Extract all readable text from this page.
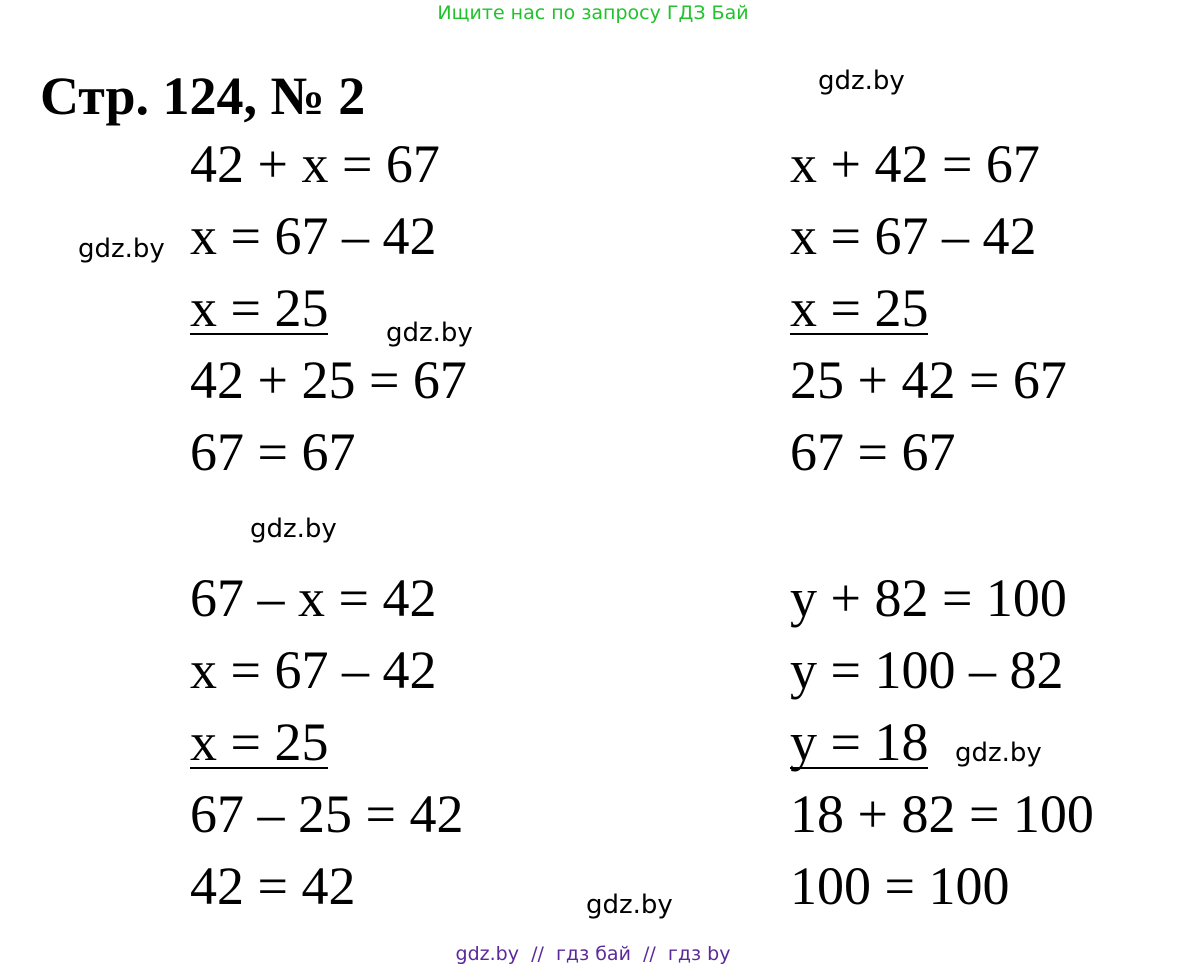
Ищите нас по запросу ГДЗ Бай
Стр. 124, № 2	gdz.by
gdz.by
gdz.by
gdz.by
gdz.by
gdz.by
42 + x = 67
x = 67 – 42
x = 25
42 + 25 = 67
67 = 67
x + 42 = 67
x = 67 – 42
x = 25
25 + 42 = 67
67 = 67
67 – x = 42
x = 67 – 42
x = 25
67 – 25 = 42
42 = 42
y + 82 = 100
y = 100 – 82
y = 18
18 + 82 = 100
100 = 100
gdz.by  //  гдз бай  //  гдз by
